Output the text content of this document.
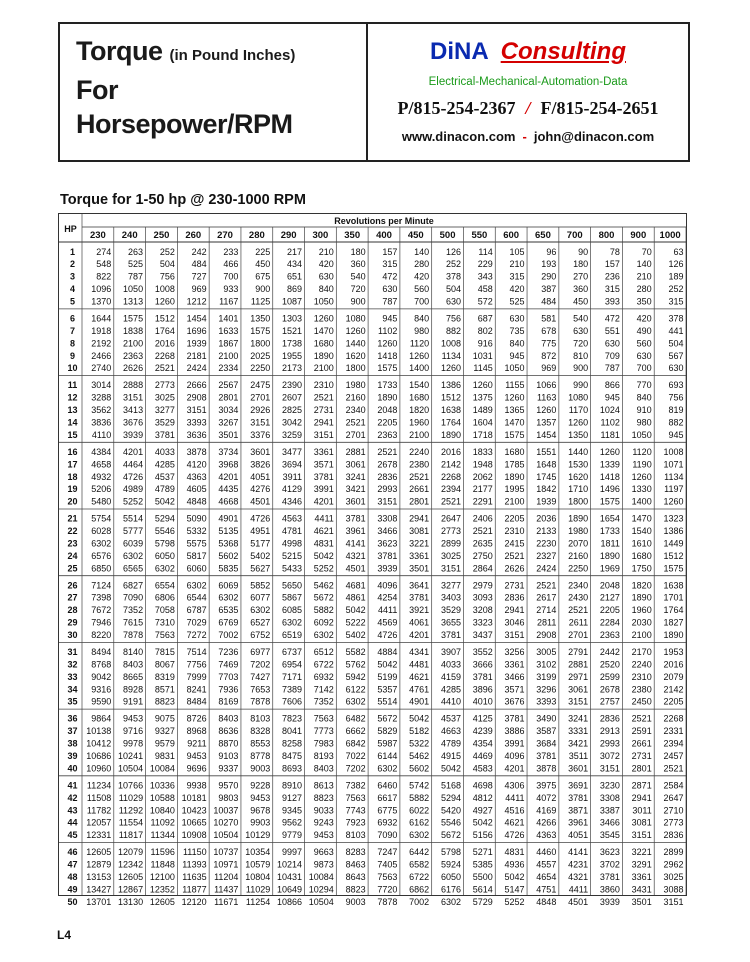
Torque (in Pound Inches)
For
Horsepower/RPM
DiNA Consulting
Electrical-Mechanical-Automation-Data
P/815-254-2367 / F/815-254-2651
www.dinacon.com - john@dinacon.com
Torque for 1-50 hp @ 230-1000 RPM
HP
Revolutions per Minute
230 240 250 260 270 280 290 300 350 400 450 500 550 600 650 700 800 900 1000
1 274 263 252 242 233 225 217 210 180 157 140 126 114 105 96 90 78 70 63
2 548 525 504 484 466 450 434 420 360 315 280 252 229 210 193 180 157 140 126
3 822 787 756 727 700 675 651 630 540 472 420 378 343 315 290 270 236 210 189
4 1096 1050 1008 969 933 900 869 840 720 630 560 504 458 420 387 360 315 280 252
5 1370 1313 1260 1212 1167 1125 1087 1050 900 787 700 630 572 525 484 450 393 350 315
6 1644 1575 1512 1454 1401 1350 1303 1260 1080 945 840 756 687 630 581 540 472 420 378
7 1918 1838 1764 1696 1633 1575 1521 1470 1260 1102 980 882 802 735 678 630 551 490 441
8 2192 2100 2016 1939 1867 1800 1738 1680 1440 1260 1120 1008 916 840 775 720 630 560 504
9 2466 2363 2268 2181 2100 2025 1955 1890 1620 1418 1260 1134 1031 945 872 810 709 630 567
10 2740 2626 2521 2424 2334 2250 2173 2100 1800 1575 1400 1260 1145 1050 969 900 787 700 630
11 3014 2888 2773 2666 2567 2475 2390 2310 1980 1733 1540 1386 1260 1155 1066 990 866 770 693
12 3288 3151 3025 2908 2801 2701 2607 2521 2160 1890 1680 1512 1375 1260 1163 1080 945 840 756
13 3562 3413 3277 3151 3034 2926 2825 2731 2340 2048 1820 1638 1489 1365 1260 1170 1024 910 819
14 3836 3676 3529 3393 3267 3151 3042 2941 2521 2205 1960 1764 1604 1470 1357 1260 1102 980 882
15 4110 3939 3781 3636 3501 3376 3259 3151 2701 2363 2100 1890 1718 1575 1454 1350 1181 1050 945
16 4384 4201 4033 3878 3734 3601 3477 3361 2881 2521 2240 2016 1833 1680 1551 1440 1260 1120 1008
17 4658 4464 4285 4120 3968 3826 3694 3571 3061 2678 2380 2142 1948 1785 1648 1530 1339 1190 1071
18 4932 4726 4537 4363 4201 4051 3911 3781 3241 2836 2521 2268 2062 1890 1745 1620 1418 1260 1134
19 5206 4989 4789 4605 4435 4276 4129 3991 3421 2993 2661 2394 2177 1995 1842 1710 1496 1330 1197
20 5480 5252 5042 4848 4668 4501 4346 4201 3601 3151 2801 2521 2291 2100 1939 1800 1575 1400 1260
21 5754 5514 5294 5090 4901 4726 4563 4411 3781 3308 2941 2647 2406 2205 2036 1890 1654 1470 1323
22 6028 5777 5546 5332 5135 4951 4781 4621 3961 3466 3081 2773 2521 2310 2133 1980 1733 1540 1386
23 6302 6039 5798 5575 5368 5177 4998 4831 4141 3623 3221 2899 2635 2415 2230 2070 1811 1610 1449
24 6576 6302 6050 5817 5602 5402 5215 5042 4321 3781 3361 3025 2750 2521 2327 2160 1890 1680 1512
25 6850 6565 6302 6060 5835 5627 5433 5252 4501 3939 3501 3151 2864 2626 2424 2250 1969 1750 1575
26 7124 6827 6554 6302 6069 5852 5650 5462 4681 4096 3641 3277 2979 2731 2521 2340 2048 1820 1638
27 7398 7090 6806 6544 6302 6077 5867 5672 4861 4254 3781 3403 3093 2836 2617 2430 2127 1890 1701
28 7672 7352 7058 6787 6535 6302 6085 5882 5042 4411 3921 3529 3208 2941 2714 2521 2205 1960 1764
29 7946 7615 7310 7029 6769 6527 6302 6092 5222 4569 4061 3655 3323 3046 2811 2611 2284 2030 1827
30 8220 7878 7563 7272 7002 6752 6519 6302 5402 4726 4201 3781 3437 3151 2908 2701 2363 2100 1890
31 8494 8140 7815 7514 7236 6977 6737 6512 5582 4884 4341 3907 3552 3256 3005 2791 2442 2170 1953
32 8768 8403 8067 7756 7469 7202 6954 6722 5762 5042 4481 4033 3666 3361 3102 2881 2520 2240 2016
33 9042 8665 8319 7999 7703 7427 7171 6932 5942 5199 4621 4159 3781 3466 3199 2971 2599 2310 2079
34 9316 8928 8571 8241 7936 7653 7389 7142 6122 5357 4761 4285 3896 3571 3296 3061 2678 2380 2142
35 9590 9191 8823 8484 8169 7878 7606 7352 6302 5514 4901 4410 4010 3676 3393 3151 2757 2450 2205
36 9864 9453 9075 8726 8403 8103 7823 7563 6482 5672 5042 4537 4125 3781 3490 3241 2836 2521 2268
37 10138 9716 9327 8968 8636 8328 8041 7773 6662 5829 5182 4663 4239 3886 3587 3331 2913 2591 2331
38 10412 9978 9579 9211 8870 8553 8258 7983 6842 5987 5322 4789 4354 3991 3684 3421 2993 2661 2394
39 10686 10241 9831 9453 9103 8778 8475 8193 7022 6144 5462 4915 4469 4096 3781 3511 3072 2731 2457
40 10960 10504 10084 9696 9337 9003 8693 8403 7202 6302 5602 5042 4583 4201 3878 3601 3151 2801 2521
41 11234 10766 10336 9938 9570 9228 8910 8613 7382 6460 5742 5168 4698 4306 3975 3691 3230 2871 2584
42 11508 11029 10588 10181 9803 9453 9127 8823 7563 6617 5882 5294 4812 4411 4072 3781 3308 2941 2647
43 11782 11292 10840 10423 10037 9678 9345 9033 7743 6775 6022 5420 4927 4516 4169 3871 3387 3011 2710
44 12057 11554 11092 10665 10270 9903 9562 9243 7923 6932 6162 5546 5042 4621 4266 3961 3466 3081 2773
45 12331 11817 11344 10908 10504 10129 9779 9453 8103 7090 6302 5672 5156 4726 4363 4051 3545 3151 2836
46 12605 12079 11596 11150 10737 10354 9997 9663 8283 7247 6442 5798 5271 4831 4460 4141 3623 3221 2899
47 12879 12342 11848 11393 10971 10579 10214 9873 8463 7405 6582 5924 5385 4936 4557 4231 3702 3291 2962
48 13153 12605 12100 11635 11204 10804 10431 10084 8643 7563 6722 6050 5500 5042 4654 4321 3781 3361 3025
49 13427 12867 12352 11877 11437 11029 10649 10294 8823 7720 6862 6176 5614 5147 4751 4411 3860 3431 3088
50 13701 13130 12605 12120 11671 11254 10866 10504 9003 7878 7002 6302 5729 5252 4848 4501 3939 3501 3151
L4
